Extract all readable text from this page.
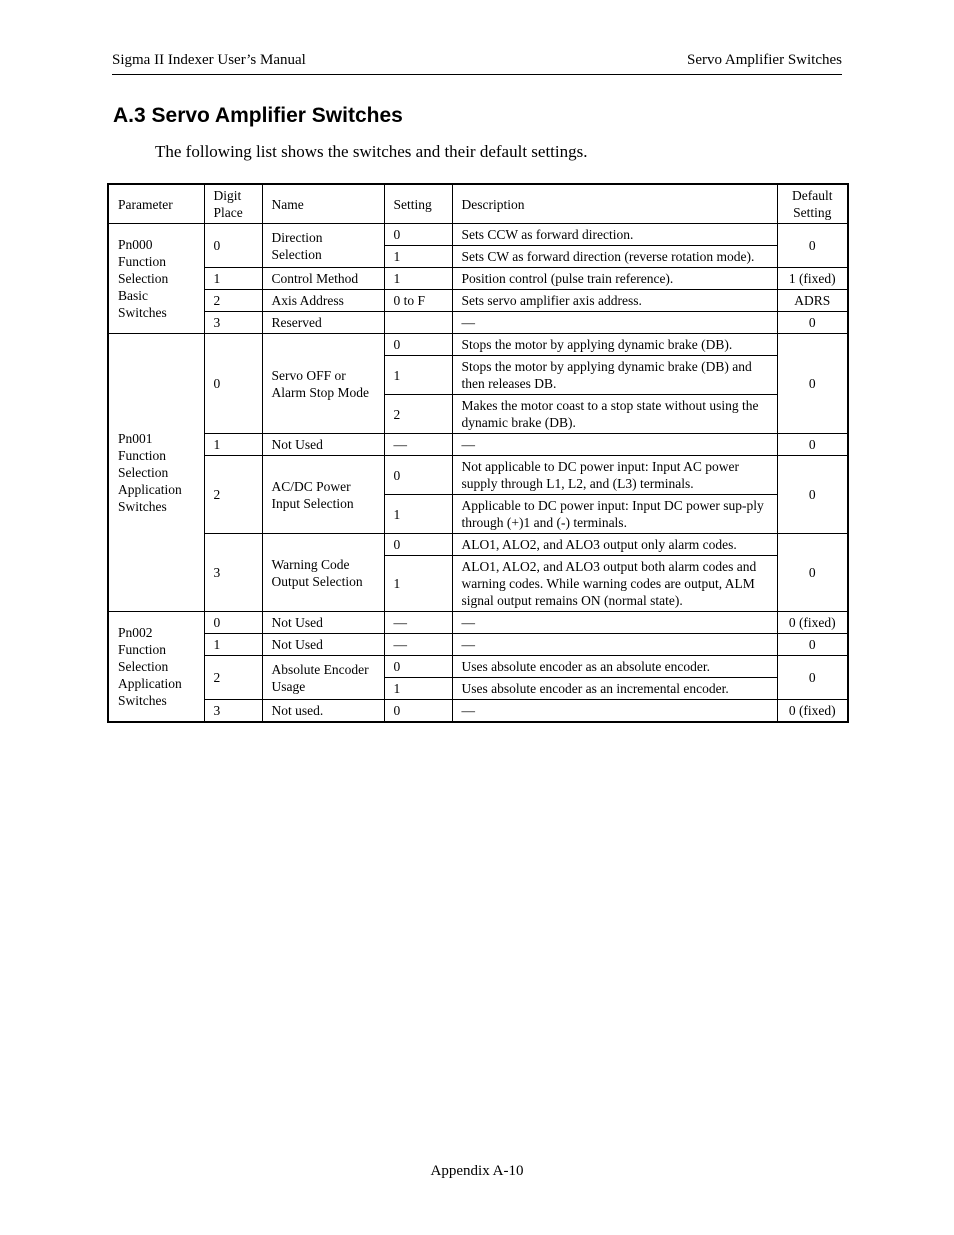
Sigma II Indexer User’s Manual	Servo Amplifier Switches
A.3 Servo Amplifier Switches
The following list shows the switches and their default settings.
Parameter	Digit Place	Name	Setting	Description	Default Setting
Pn000 Function Selection Basic Switches	0	Direction Selection	0	Sets CCW as forward direction.	0
			1	Sets CW as forward direction (reverse rotation mode).	
	1	Control Method	1	Position control (pulse train reference).	1 (fixed)
	2	Axis Address	0 to F	Sets servo amplifier axis address.	ADRS
	3	Reserved		—	0
Pn001 Function Selection Application Switches	0	Servo OFF or Alarm Stop Mode	0	Stops the motor by applying dynamic brake (DB).	0
			1	Stops the motor by applying dynamic brake (DB) and then releases DB.	
			2	Makes the motor coast to a stop state without using the dynamic brake (DB).	
	1	Not Used	—	—	0
	2	AC/DC Power Input Selection	0	Not applicable to DC power input: Input AC power supply through L1, L2, and (L3) terminals.	0
			1	Applicable to DC power input: Input DC power sup-ply through (+)1 and (-) terminals.	
	3	Warning Code Output Selection	0	ALO1, ALO2, and ALO3 output only alarm codes.	0
			1	ALO1, ALO2, and ALO3 output both alarm codes and warning codes. While warning codes are output, ALM signal output remains ON (normal state).	
Pn002 Function Selection Application Switches	0	Not Used	—	—	0 (fixed)
	1	Not Used	—	—	0
	2	Absolute Encoder Usage	0	Uses absolute encoder as an absolute encoder.	0
			1	Uses absolute encoder as an incremental encoder.	
	3	Not used.	0	—	0 (fixed)
Appendix A-10
